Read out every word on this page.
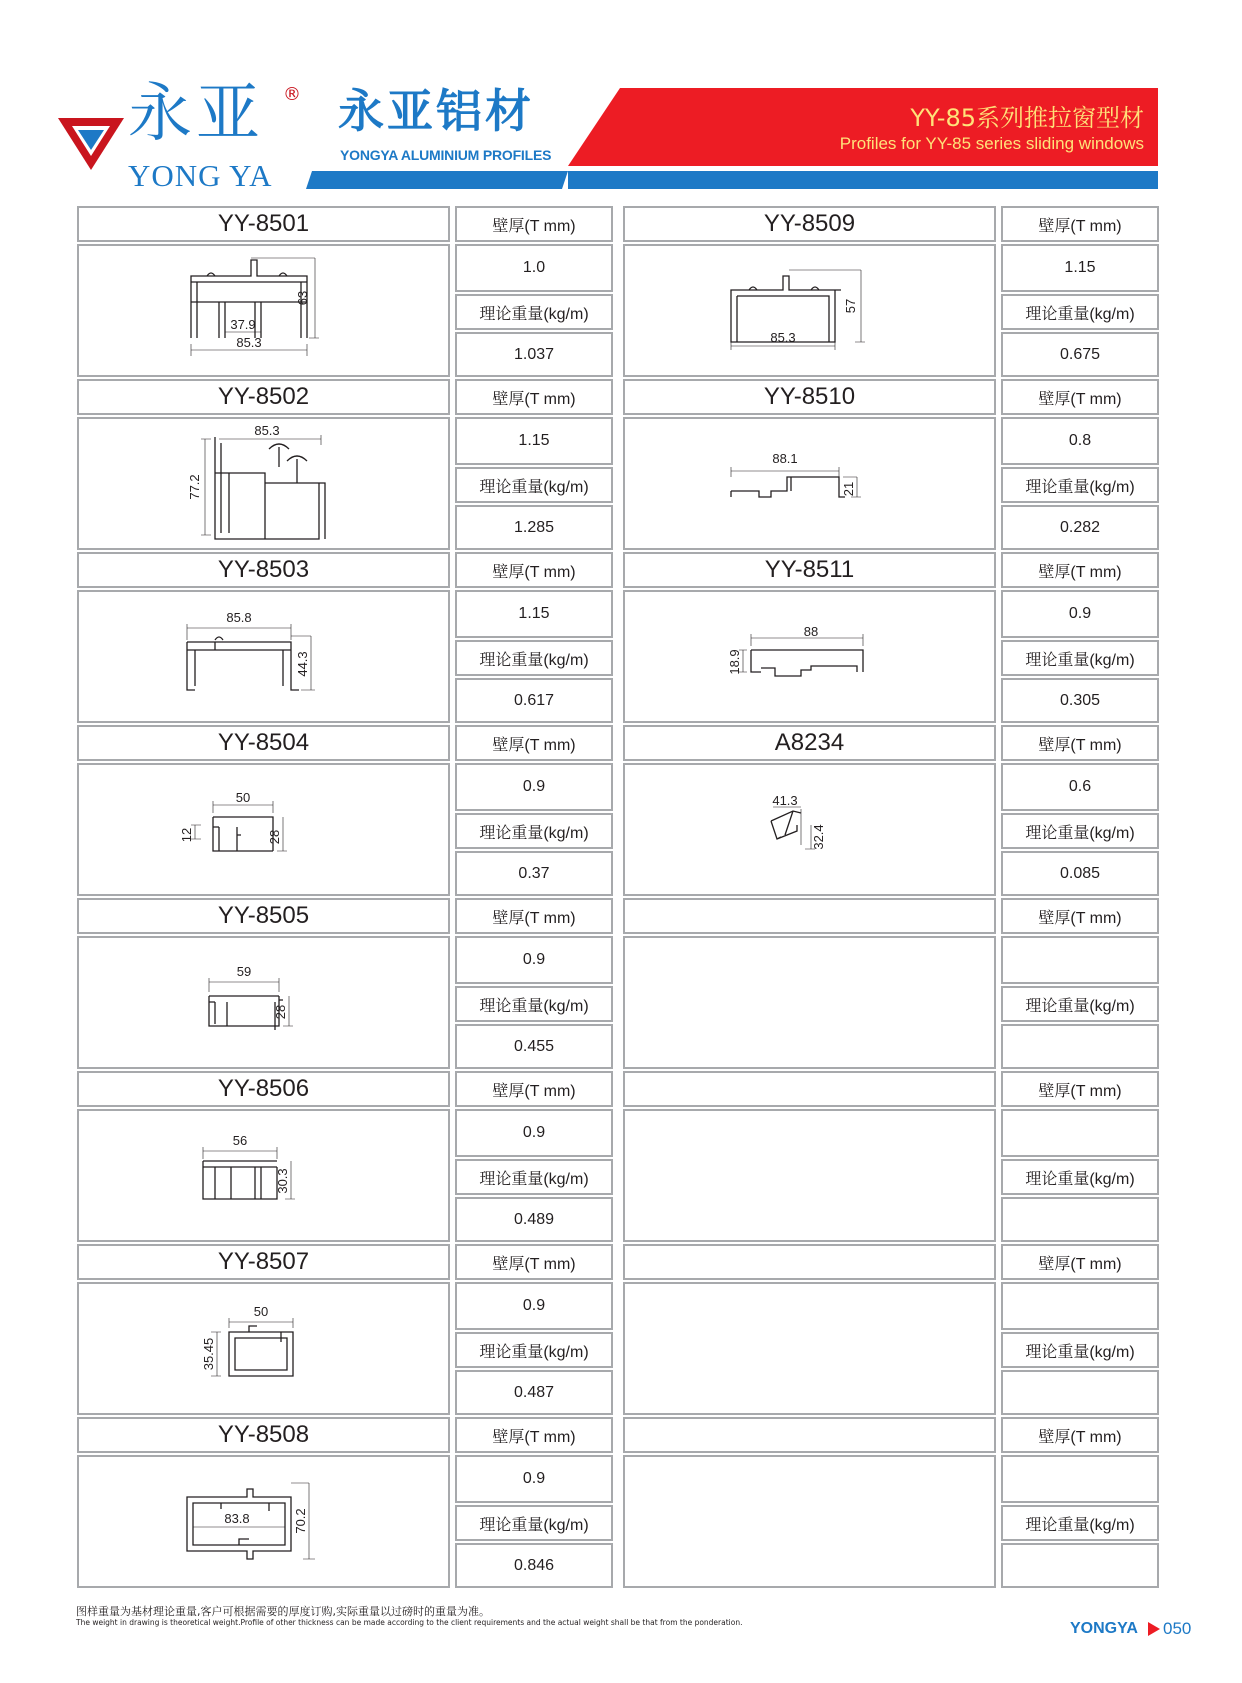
永亚 ®
YONG YA
永亚铝材
YONGYA ALUMINIUM PROFILES
YY-85系列推拉窗型材
Profiles for YY-85 series sliding windows
YY-8501	壁厚(T mm)
37.9
85.3
63
1.0
理论重量(kg/m)
1.037
YY-8502	壁厚(T mm)
85.3
77.2
1.15
理论重量(kg/m)
1.285
YY-8503	壁厚(T mm)
85.8
44.3
1.15
理论重量(kg/m)
0.617
YY-8504	壁厚(T mm)
50
12	28
0.9
理论重量(kg/m)
0.37
YY-8505	壁厚(T mm)
59
28
0.9
理论重量(kg/m)
0.455
YY-8506	壁厚(T mm)
56
30.3
0.9
理论重量(kg/m)
0.489
YY-8507	壁厚(T mm)
50
35.45
0.9
理论重量(kg/m)
0.487
YY-8508	壁厚(T mm)
83.8	70.2
0.9
理论重量(kg/m)
0.846
YY-8509	壁厚(T mm)
85.3
57
1.15
理论重量(kg/m)
0.675
YY-8510	壁厚(T mm)
88.1
21
0.8
理论重量(kg/m)
0.282
YY-8511	壁厚(T mm)
88
18.9
0.9
理论重量(kg/m)
0.305
A8234	壁厚(T mm)
41.3
32.4
0.6
理论重量(kg/m)
0.085
壁厚(T mm)
理论重量(kg/m)
壁厚(T mm)
理论重量(kg/m)
壁厚(T mm)
理论重量(kg/m)
壁厚(T mm)
理论重量(kg/m)
图样重量为基材理论重量,客户可根据需要的厚度订购,实际重量以过磅时的重量为准。
The weight in drawing is theoretical weight.Profile of other thickness can be made according to the client requirements and the actual weight shall be that from the ponderation.	YONGYA 050
